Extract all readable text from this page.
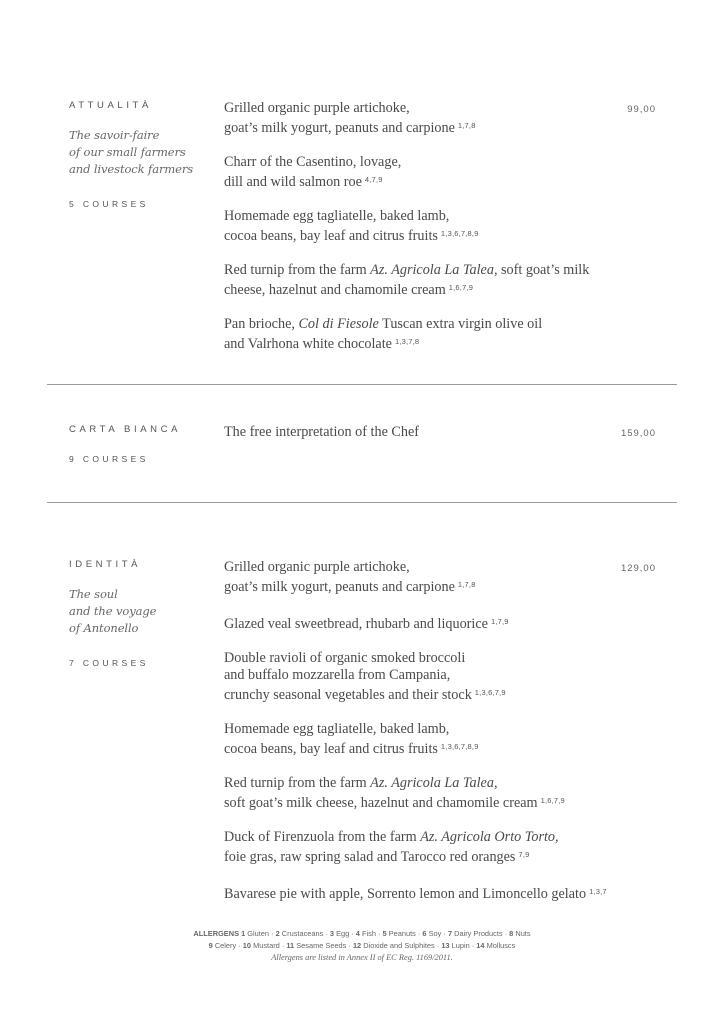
ATTUALITÀ
The savoir-faire
of our small farmers
and livestock farmers
5 COURSES
Grilled organic purple artichoke,
goat’s milk yogurt, peanuts and carpione $^{1,7,8}$
Charr of the Casentino, lovage,
dill and wild salmon roe $^{4,7,9}$
Homemade egg tagliatelle, baked lamb,
cocoa beans, bay leaf and citrus fruits $^{1,3,6,7,8,9}$
Red turnip from the farm Az. Agricola La Talea, soft goat’s milk
cheese, hazelnut and chamomile cream $^{1,6,7,9}$
Pan brioche, Col di Fiesole Tuscan extra virgin olive oil
and Valrhona white chocolate $^{1,3,7,8}$
99,00
CARTA BIANCA
9 COURSES
The free interpretation of the Chef	159,00
IDENTITÀ
The soul
and the voyage
of Antonello
7 COURSES
Grilled organic purple artichoke,
goat’s milk yogurt, peanuts and carpione $^{1,7,8}$
Glazed veal sweetbread, rhubarb and liquorice $^{1,7,9}$
Double ravioli of organic smoked broccoli
and buffalo mozzarella from Campania,
crunchy seasonal vegetables and their stock $^{1,3,6,7,9}$
Homemade egg tagliatelle, baked lamb,
cocoa beans, bay leaf and citrus fruits $^{1,3,6,7,8,9}$
Red turnip from the farm Az. Agricola La Talea,
soft goat’s milk cheese, hazelnut and chamomile cream $^{1,6,7,9}$
Duck of Firenzuola from the farm Az. Agricola Orto Torto,
foie gras, raw spring salad and Tarocco red oranges $^{7,9}$
Bavarese pie with apple, Sorrento lemon and Limoncello gelato $^{1,3,7}$
129,00
ALLERGENS 1 Gluten · 2 Crustaceans · 3 Egg · 4 Fish · 5 Peanuts · 6 Soy · 7 Dairy Products · 8 Nuts
9 Celery · 10 Mustard · 11 Sesame Seeds · 12 Dioxide and Sulphites · 13 Lupin · 14 Molluscs
Allergens are listed in Annex II of EC Reg. 1169/2011.
